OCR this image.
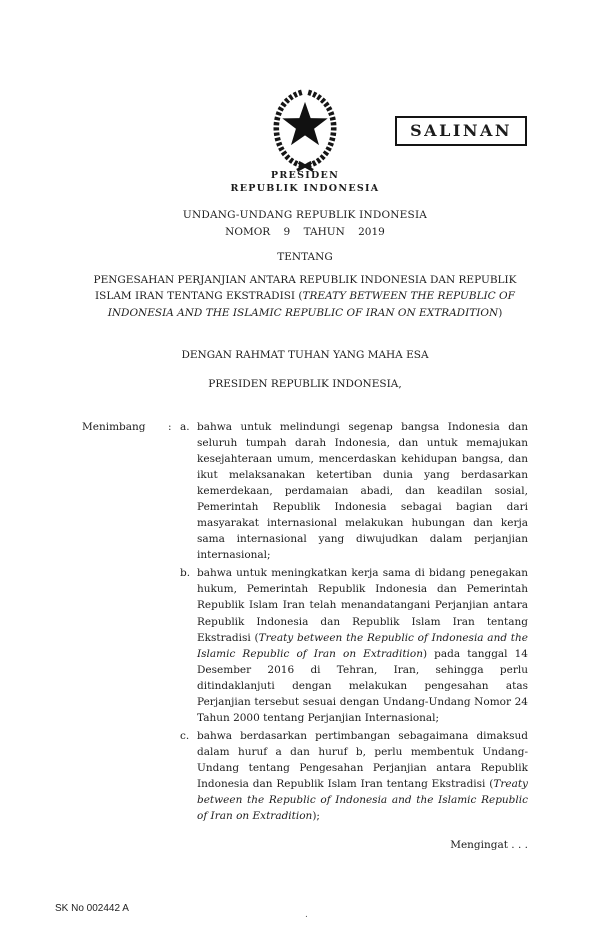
SALINAN
PRESIDEN
REPUBLIK INDONESIA
UNDANG-UNDANG REPUBLIK INDONESIA
NOMOR 9 TAHUN 2019
TENTANG
PENGESAHAN PERJANJIAN ANTARA REPUBLIK INDONESIA DAN REPUBLIK ISLAM IRAN TENTANG EKSTRADISI (TREATY BETWEEN THE REPUBLIC OF INDONESIA AND THE ISLAMIC REPUBLIC OF IRAN ON EXTRADITION)
DENGAN RAHMAT TUHAN YANG MAHA ESA
PRESIDEN REPUBLIK INDONESIA,
Menimbang	: a. bahwa untuk melindungi segenap bangsa Indonesia dan seluruh tumpah darah Indonesia, dan untuk memajukan kesejahteraan umum, mencerdaskan kehidupan bangsa, dan ikut melaksanakan ketertiban dunia yang berdasarkan kemerdekaan, perdamaian abadi, dan keadilan sosial, Pemerintah Republik Indonesia sebagai bagian dari masyarakat internasional melakukan hubungan dan kerja sama internasional yang diwujudkan dalam perjanjian internasional;
b. bahwa untuk meningkatkan kerja sama di bidang penegakan hukum, Pemerintah Republik Indonesia dan Pemerintah Republik Islam Iran telah menandatangani Perjanjian antara Republik Indonesia dan Republik Islam Iran tentang Ekstradisi (Treaty between the Republic of Indonesia and the Islamic Republic of Iran on Extradition) pada tanggal 14 Desember 2016 di Tehran, Iran, sehingga perlu ditindaklanjuti dengan melakukan pengesahan atas Perjanjian tersebut sesuai dengan Undang-Undang Nomor 24 Tahun 2000 tentang Perjanjian Internasional;
c. bahwa berdasarkan pertimbangan sebagaimana dimaksud dalam huruf a dan huruf b, perlu membentuk Undang-Undang tentang Pengesahan Perjanjian antara Republik Indonesia dan Republik Islam Iran tentang Ekstradisi (Treaty between the Republic of Indonesia and the Islamic Republic of Iran on Extradition);
Mengingat . . .
SK No 002442 A
.
